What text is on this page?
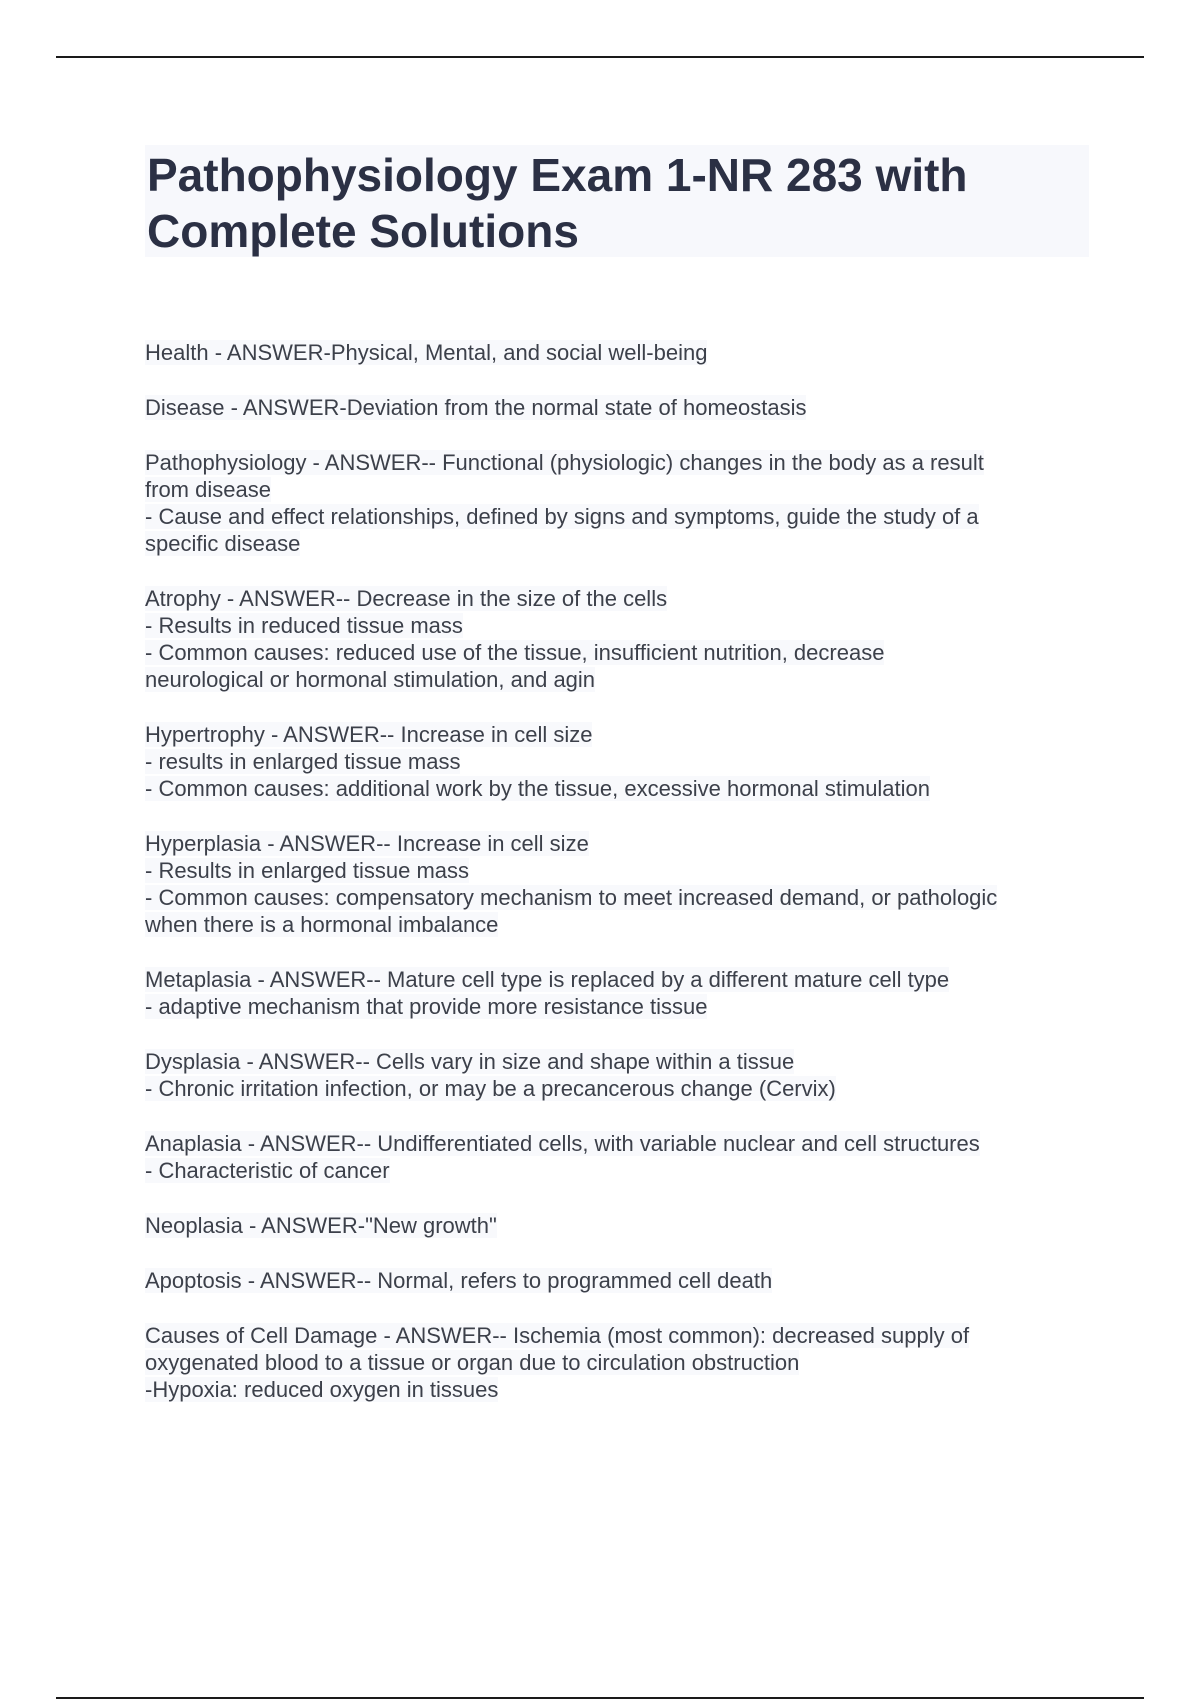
Pathophysiology Exam 1-NR 283 with
Complete Solutions
Health - ANSWER-Physical, Mental, and social well-being
Disease - ANSWER-Deviation from the normal state of homeostasis
Pathophysiology - ANSWER-- Functional (physiologic) changes in the body as a result
from disease
- Cause and effect relationships, defined by signs and symptoms, guide the study of a
specific disease
Atrophy - ANSWER-- Decrease in the size of the cells
- Results in reduced tissue mass
- Common causes: reduced use of the tissue, insufficient nutrition, decrease
neurological or hormonal stimulation, and agin
Hypertrophy - ANSWER-- Increase in cell size
- results in enlarged tissue mass
- Common causes: additional work by the tissue, excessive hormonal stimulation
Hyperplasia - ANSWER-- Increase in cell size
- Results in enlarged tissue mass
- Common causes: compensatory mechanism to meet increased demand, or pathologic
when there is a hormonal imbalance
Metaplasia - ANSWER-- Mature cell type is replaced by a different mature cell type
- adaptive mechanism that provide more resistance tissue
Dysplasia - ANSWER-- Cells vary in size and shape within a tissue
- Chronic irritation infection, or may be a precancerous change (Cervix)
Anaplasia - ANSWER-- Undifferentiated cells, with variable nuclear and cell structures
- Characteristic of cancer
Neoplasia - ANSWER-"New growth"
Apoptosis - ANSWER-- Normal, refers to programmed cell death
Causes of Cell Damage - ANSWER-- Ischemia (most common): decreased supply of
oxygenated blood to a tissue or organ due to circulation obstruction
-Hypoxia: reduced oxygen in tissues
